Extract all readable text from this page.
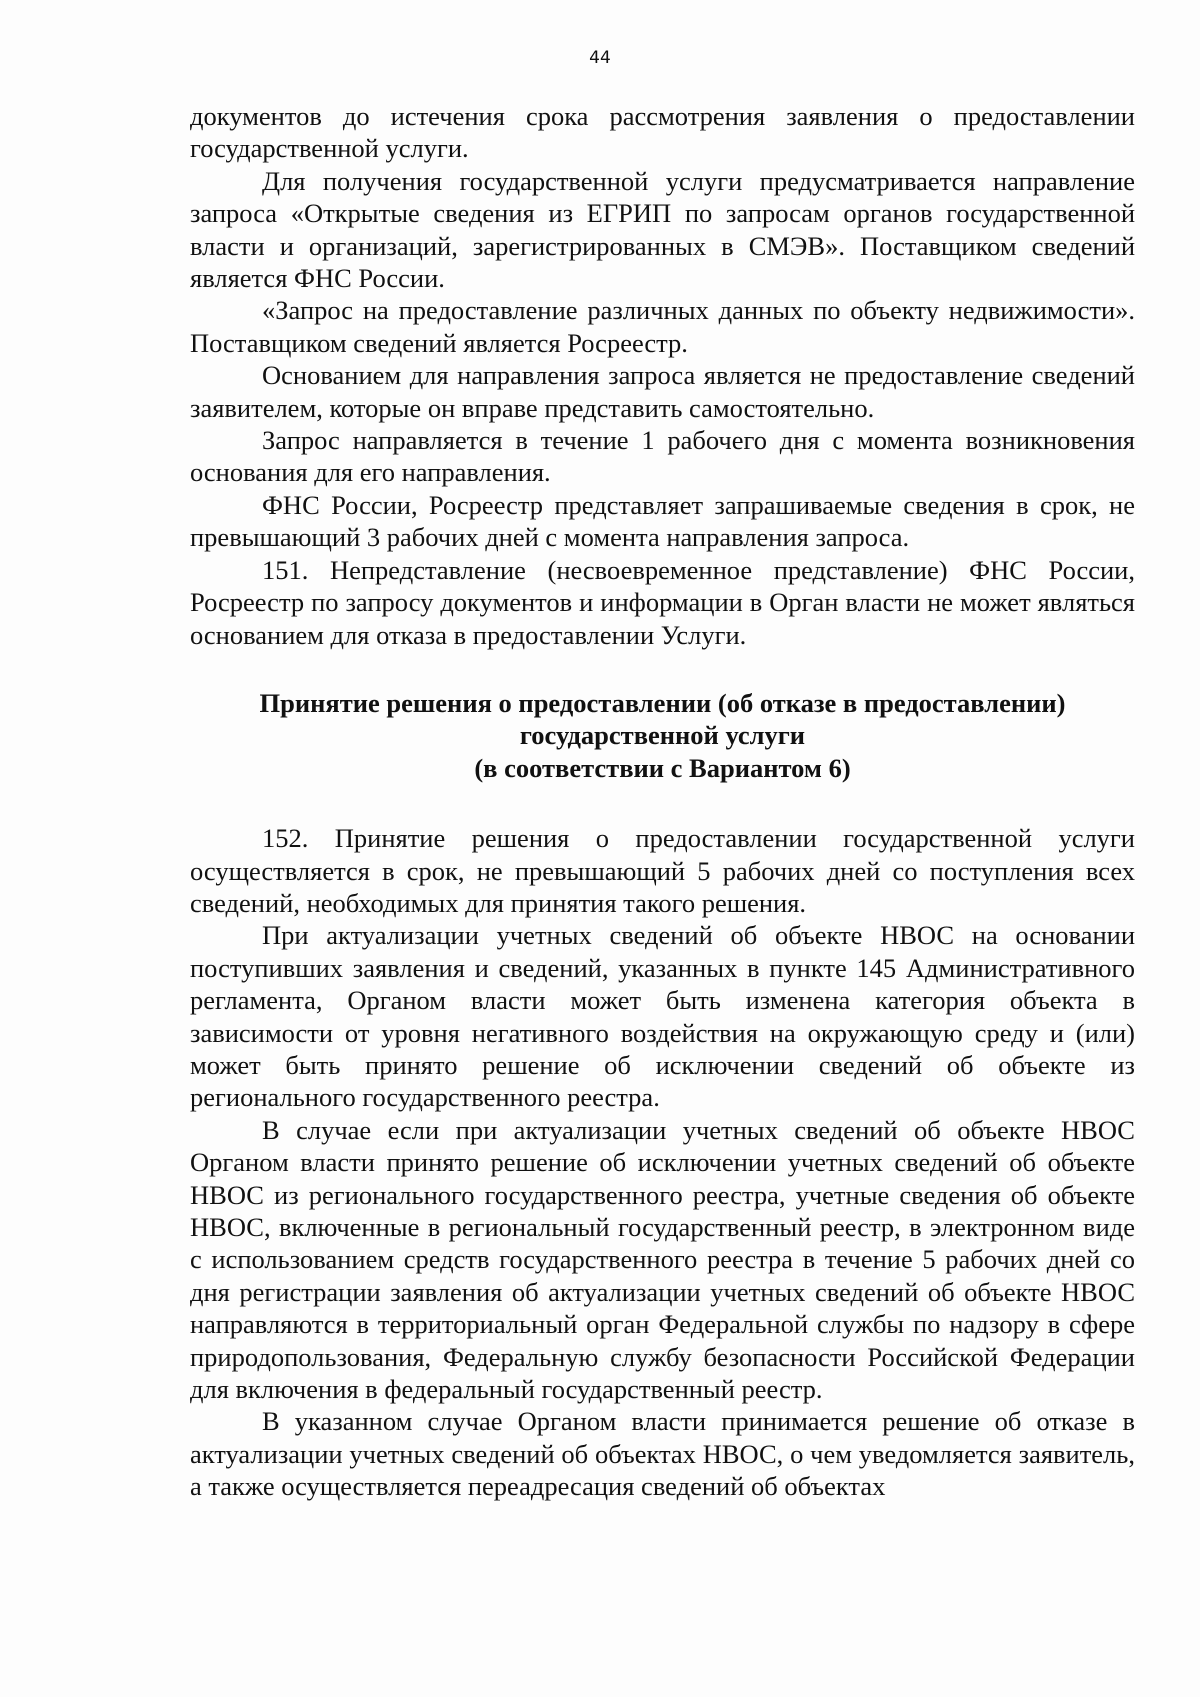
44

документов до истечения срока рассмотрения заявления о предоставлении государственной услуги.

Для получения государственной услуги предусматривается направление запроса «Открытые сведения из ЕГРИП по запросам органов государственной власти и организаций, зарегистрированных в СМЭВ». Поставщиком сведений является ФНС России.

«Запрос на предоставление различных данных по объекту недвижимости». Поставщиком сведений является Росреестр.

Основанием для направления запроса является не предоставление сведений заявителем, которые он вправе представить самостоятельно.

Запрос направляется в течение 1 рабочего дня с момента возникновения основания для его направления.

ФНС России, Росреестр представляет запрашиваемые сведения в срок, не превышающий 3 рабочих дней с момента направления запроса.

151. Непредставление (несвоевременное представление) ФНС России, Росреестр по запросу документов и информации в Орган власти не может являться основанием для отказа в предоставлении Услуги.

Принятие решения о предоставлении (об отказе в предоставлении)
государственной услуги
(в соответствии с Вариантом 6)

152. Принятие решения о предоставлении государственной услуги осуществляется в срок, не превышающий 5 рабочих дней со поступления всех сведений, необходимых для принятия такого решения.

При актуализации учетных сведений об объекте НВОС на основании поступивших заявления и сведений, указанных в пункте 145 Административного регламента, Органом власти может быть изменена категория объекта в зависимости от уровня негативного воздействия на окружающую среду и (или) может быть принято решение об исключении сведений об объекте из регионального государственного реестра.

В случае если при актуализации учетных сведений об объекте НВОС Органом власти принято решение об исключении учетных сведений об объекте НВОС из регионального государственного реестра, учетные сведения об объекте НВОС, включенные в региональный государственный реестр, в электронном виде с использованием средств государственного реестра в течение 5 рабочих дней со дня регистрации заявления об актуализации учетных сведений об объекте НВОС направляются в территориальный орган Федеральной службы по надзору в сфере природопользования, Федеральную службу безопасности Российской Федерации для включения в федеральный государственный реестр.

В указанном случае Органом власти принимается решение об отказе в актуализации учетных сведений об объектах НВОС, о чем уведомляется заявитель, а также осуществляется переадресация сведений об объектах
